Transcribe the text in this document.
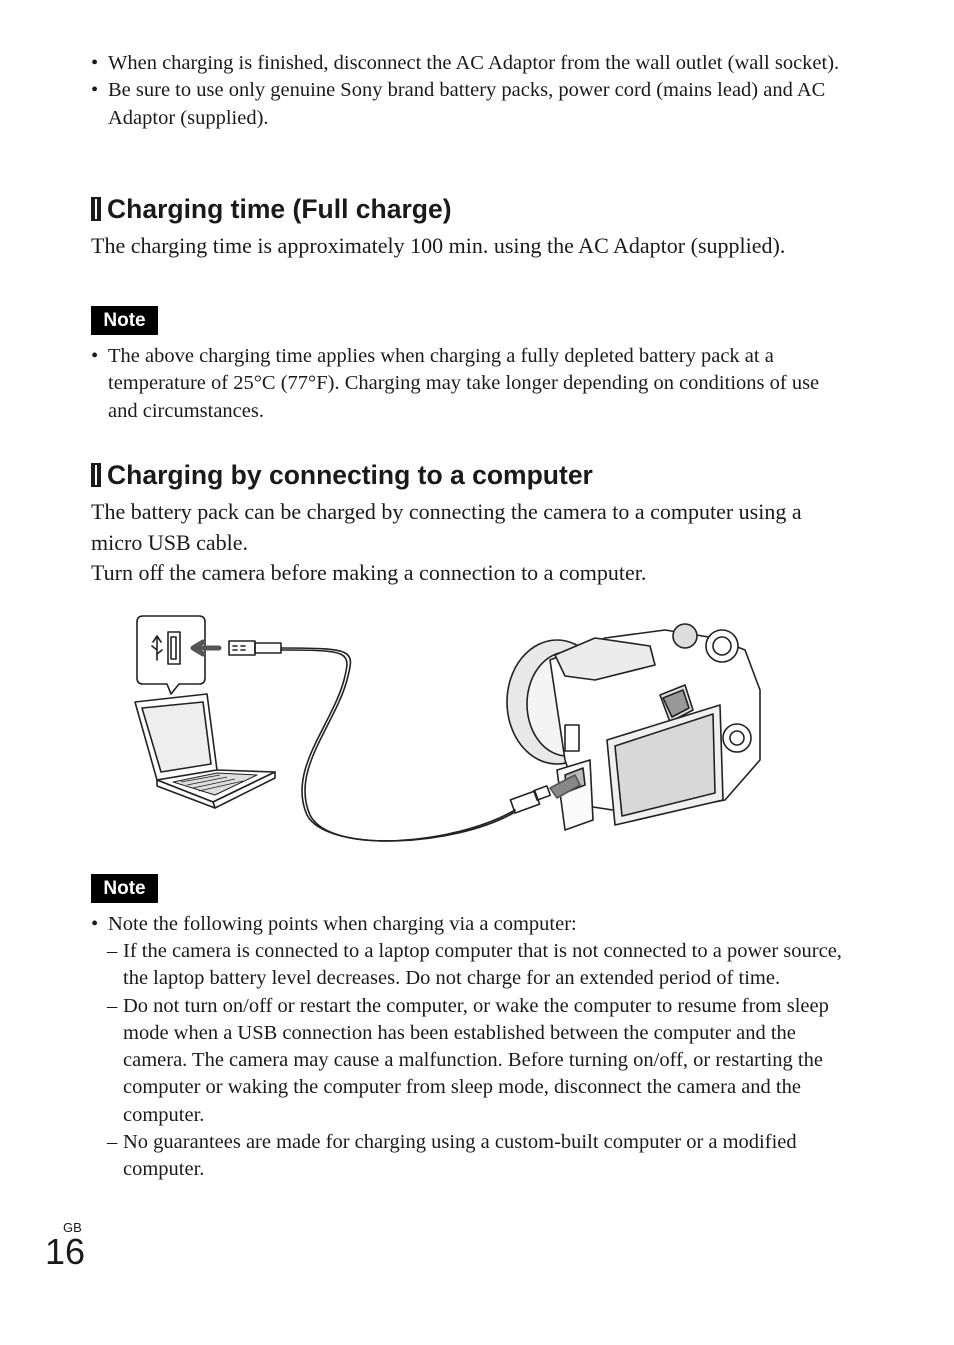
• When charging is finished, disconnect the AC Adaptor from the wall outlet (wall socket).
• Be sure to use only genuine Sony brand battery packs, power cord (mains lead) and AC Adaptor (supplied).
Charging time (Full charge)

The charging time is approximately 100 min. using the AC Adaptor (supplied).

Note
• The above charging time applies when charging a fully depleted battery pack at a temperature of 25°C (77°F). Charging may take longer depending on conditions of use and circumstances.
Charging by connecting to a computer

The battery pack can be charged by connecting the camera to a computer using a micro USB cable.

Turn off the camera before making a connection to a computer.

Note
• Note the following points when charging via a computer:
– If the camera is connected to a laptop computer that is not connected to a power source, the laptop battery level decreases. Do not charge for an extended period of time.
– Do not turn on/off or restart the computer, or wake the computer to resume from sleep mode when a USB connection has been established between the computer and the camera. The camera may cause a malfunction. Before turning on/off, or restarting the computer or waking the computer from sleep mode, disconnect the camera and the computer.
– No guarantees are made for charging using a custom-built computer or a modified computer.
GB
16
